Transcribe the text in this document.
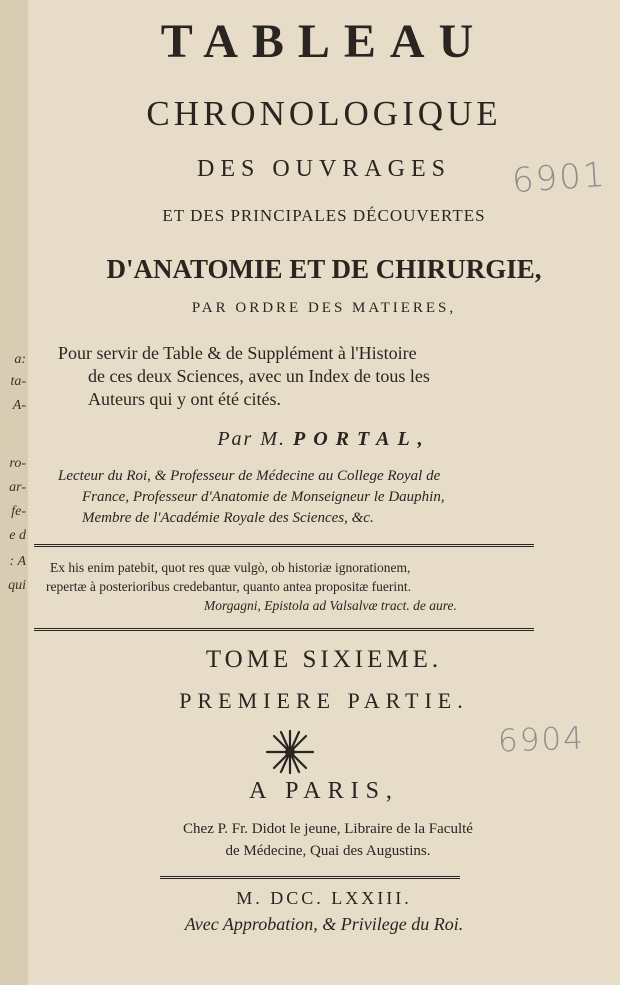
a:
ta-
A-
ro-
ar-
fe-
e d
: A
qui
TABLEAU
CHRONOLOGIQUE
DES OUVRAGES
ET DES PRINCIPALES DÉCOUVERTES
D'ANATOMIE ET DE CHIRURGIE,
PAR ORDRE DES MATIERES,
6901
Pour servir de Table & de Supplément à l'Histoire
de ces deux Sciences, avec un Index de tous les
Auteurs qui y ont été cités.
Par M. PORTAL,
Lecteur du Roi, & Professeur de Médecine au College Royal de
France, Professeur d'Anatomie de Monseigneur le Dauphin,
Membre de l'Académie Royale des Sciences, &c.
Ex his enim patebit, quot res quæ vulgò, ob historiæ ignorationem,
repertæ à posterioribus credebantur, quanto antea propositæ fuerint.
Morgagni, Epistola ad Valsalvæ tract. de aure.
TOME SIXIEME.
PREMIERE PARTIE.
6904
A PARIS,
Chez P. Fr. Didot le jeune, Libraire de la Faculté
de Médecine, Quai des Augustins.
M. DCC. LXXIII.
Avec Approbation, & Privilege du Roi.
